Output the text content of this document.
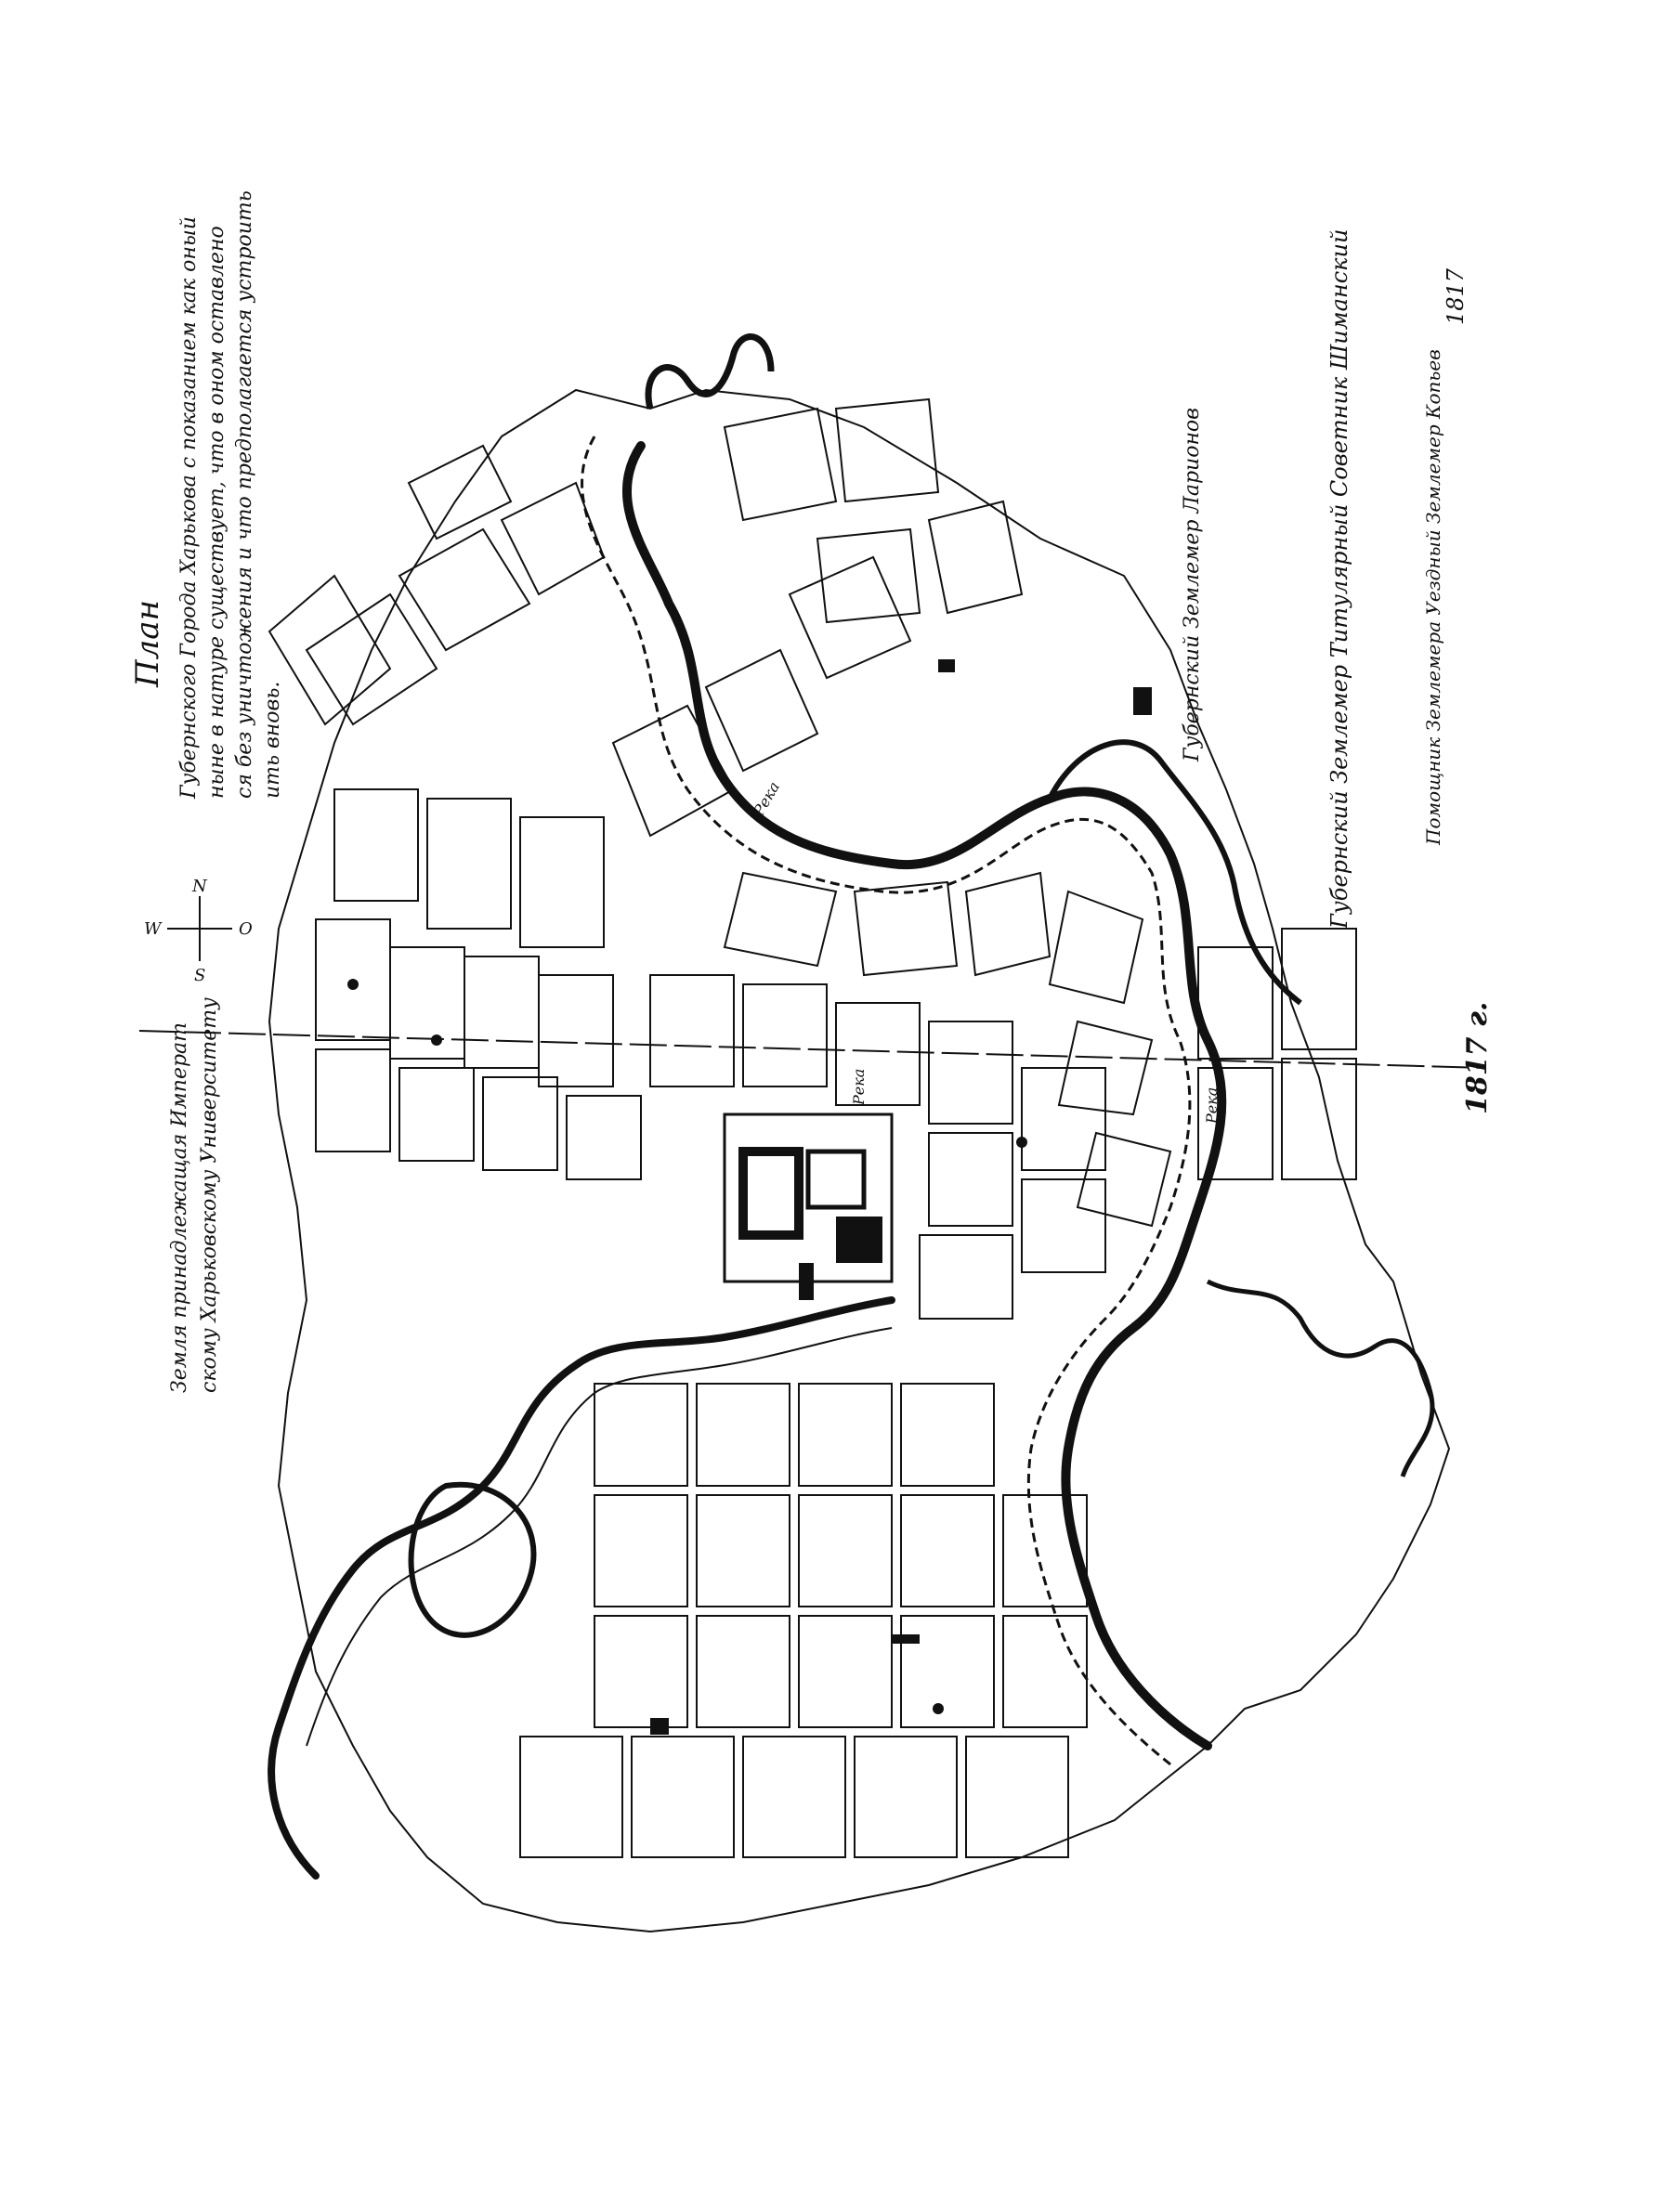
N
S
W	O
План Губернского Города Харькова с показанием как оный ныне в натуре существует, что в оном оставлено ся без уничтожения и что предполагается устроить ить вновь.
Земля принадлежащая Императ скому Харьковскому Университету
Губернский Землемер Ларионов	Губернский Землемер Титулярный Советник Шиманский	Помощник Землемера Уездный Землемер Копьев
1817
1817 г.
Река
Река
Река
